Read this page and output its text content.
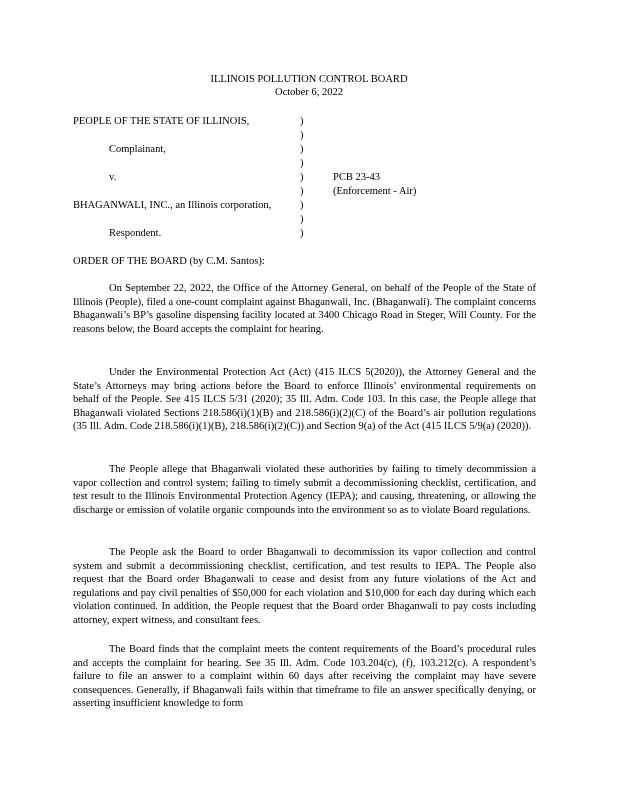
ILLINOIS POLLUTION CONTROL BOARD
October 6, 2022
PEOPLE OF THE STATE OF ILLINOIS,
Complainant,
v.	PCB 23-43
(Enforcement - Air)
BHAGANWALI, INC., an Illinois corporation,
Respondent.
)
)
)
)
)
)
)
)
)
ORDER OF THE BOARD (by C.M. Santos):

On September 22, 2022, the Office of the Attorney General, on behalf of the People of the State of Illinois (People), filed a one-count complaint against Bhaganwali, Inc. (Bhaganwali). The complaint concerns Bhaganwali’s BP’s gasoline dispensing facility located at 3400 Chicago Road in Steger, Will County. For the reasons below, the Board accepts the complaint for hearing.

Under the Environmental Protection Act (Act) (415 ILCS 5(2020)), the Attorney General and the State’s Attorneys may bring actions before the Board to enforce Illinois’ environmental requirements on behalf of the People. See 415 ILCS 5/31 (2020); 35 Ill. Adm. Code 103. In this case, the People allege that Bhaganwali violated Sections 218.586(i)(1)(B) and 218.586(i)(2)(C) of the Board’s air pollution regulations (35 Ill. Adm. Code 218.586(i)(1)(B), 218.586(i)(2)(C)) and Section 9(a) of the Act (415 ILCS 5/9(a) (2020)).

The People allege that Bhaganwali violated these authorities by failing to timely decommission a vapor collection and control system; failing to timely submit a decommissioning checklist, certification, and test result to the Illinois Environmental Protection Agency (IEPA); and causing, threatening, or allowing the discharge or emission of volatile organic compounds into the environment so as to violate Board regulations.

The People ask the Board to order Bhaganwali to decommission its vapor collection and control system and submit a decommissioning checklist, certification, and test results to IEPA. The People also request that the Board order Bhaganwali to cease and desist from any future violations of the Act and regulations and pay civil penalties of $50,000 for each violation and $10,000 for each day during which each violation continued. In addition, the People request that the Board order Bhaganwali to pay costs including attorney, expert witness, and consultant fees.

The Board finds that the complaint meets the content requirements of the Board’s procedural rules and accepts the complaint for hearing. See 35 Ill. Adm. Code 103.204(c), (f), 103.212(c). A respondent’s failure to file an answer to a complaint within 60 days after receiving the complaint may have severe consequences. Generally, if Bhaganwali fails within that timeframe to file an answer specifically denying, or asserting insufficient knowledge to form
